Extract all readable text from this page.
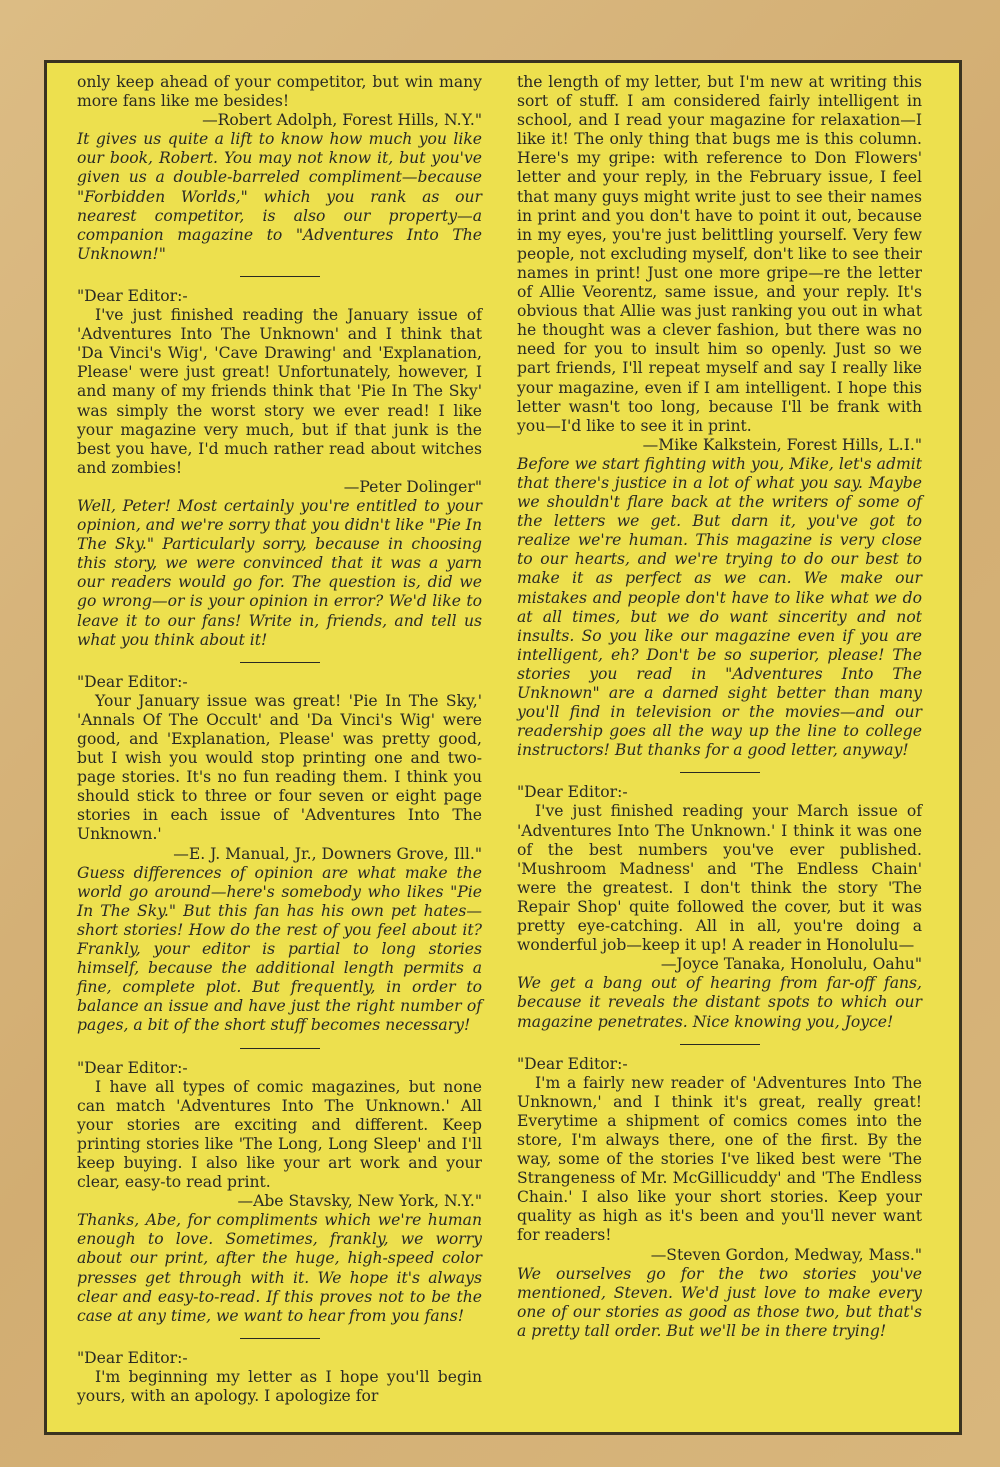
only keep ahead of your competitor, but win many more fans like me besides!

—Robert Adolph, Forest Hills, N.Y."

It gives us quite a lift to know how much you like our book, Robert. You may not know it, but you've given us a double-barreled compliment—because "Forbidden Worlds," which you rank as our nearest competitor, is also our property—a companion magazine to "Adventures Into The Unknown!"

"Dear Editor:-

I've just finished reading the January issue of 'Adventures Into The Unknown' and I think that 'Da Vinci's Wig', 'Cave Drawing' and 'Explanation, Please' were just great! Unfortunately, however, I and many of my friends think that 'Pie In The Sky' was simply the worst story we ever read! I like your magazine very much, but if that junk is the best you have, I'd much rather read about witches and zombies!

—Peter Dolinger"

Well, Peter! Most certainly you're entitled to your opinion, and we're sorry that you didn't like "Pie In The Sky." Particularly sorry, because in choosing this story, we were convinced that it was a yarn our readers would go for. The question is, did we go wrong—or is your opinion in error? We'd like to leave it to our fans! Write in, friends, and tell us what you think about it!

"Dear Editor:-

Your January issue was great! 'Pie In The Sky,' 'Annals Of The Occult' and 'Da Vinci's Wig' were good, and 'Explanation, Please' was pretty good, but I wish you would stop printing one and two-page stories. It's no fun reading them. I think you should stick to three or four seven or eight page stories in each issue of 'Adventures Into The Unknown.'

—E. J. Manual, Jr., Downers Grove, Ill."

Guess differences of opinion are what make the world go around—here's somebody who likes "Pie In The Sky." But this fan has his own pet hates—short stories! How do the rest of you feel about it? Frankly, your editor is partial to long stories himself, because the additional length permits a fine, complete plot. But frequently, in order to balance an issue and have just the right number of pages, a bit of the short stuff becomes necessary!

"Dear Editor:-

I have all types of comic magazines, but none can match 'Adventures Into The Unknown.' All your stories are exciting and different. Keep printing stories like 'The Long, Long Sleep' and I'll keep buying. I also like your art work and your clear, easy-to read print.

—Abe Stavsky, New York, N.Y."

Thanks, Abe, for compliments which we're human enough to love. Sometimes, frankly, we worry about our print, after the huge, high-speed color presses get through with it. We hope it's always clear and easy-to-read. If this proves not to be the case at any time, we want to hear from you fans!

"Dear Editor:-

I'm beginning my letter as I hope you'll begin yours, with an apology. I apologize for

the length of my letter, but I'm new at writing this sort of stuff. I am considered fairly intelligent in school, and I read your magazine for relaxation—I like it! The only thing that bugs me is this column. Here's my gripe: with reference to Don Flowers' letter and your reply, in the February issue, I feel that many guys might write just to see their names in print and you don't have to point it out, because in my eyes, you're just belittling yourself. Very few people, not excluding myself, don't like to see their names in print! Just one more gripe—re the letter of Allie Veorentz, same issue, and your reply. It's obvious that Allie was just ranking you out in what he thought was a clever fashion, but there was no need for you to insult him so openly. Just so we part friends, I'll repeat myself and say I really like your magazine, even if I am intelligent. I hope this letter wasn't too long, because I'll be frank with you—I'd like to see it in print.

—Mike Kalkstein, Forest Hills, L.I."

Before we start fighting with you, Mike, let's admit that there's justice in a lot of what you say. Maybe we shouldn't flare back at the writers of some of the letters we get. But darn it, you've got to realize we're human. This magazine is very close to our hearts, and we're trying to do our best to make it as perfect as we can. We make our mistakes and people don't have to like what we do at all times, but we do want sincerity and not insults. So you like our magazine even if you are intelligent, eh? Don't be so superior, please! The stories you read in "Adventures Into The Unknown" are a darned sight better than many you'll find in television or the movies—and our readership goes all the way up the line to college instructors! But thanks for a good letter, anyway!

"Dear Editor:-

I've just finished reading your March issue of 'Adventures Into The Unknown.' I think it was one of the best numbers you've ever published. 'Mushroom Madness' and 'The Endless Chain' were the greatest. I don't think the story 'The Repair Shop' quite followed the cover, but it was pretty eye-catching. All in all, you're doing a wonderful job—keep it up! A reader in Honolulu—

—Joyce Tanaka, Honolulu, Oahu"

We get a bang out of hearing from far-off fans, because it reveals the distant spots to which our magazine penetrates. Nice knowing you, Joyce!

"Dear Editor:-

I'm a fairly new reader of 'Adventures Into The Unknown,' and I think it's great, really great! Everytime a shipment of comics comes into the store, I'm always there, one of the first. By the way, some of the stories I've liked best were 'The Strangeness of Mr. McGillicuddy' and 'The Endless Chain.' I also like your short stories. Keep your quality as high as it's been and you'll never want for readers!

—Steven Gordon, Medway, Mass."

We ourselves go for the two stories you've mentioned, Steven. We'd just love to make every one of our stories as good as those two, but that's a pretty tall order. But we'll be in there trying!
